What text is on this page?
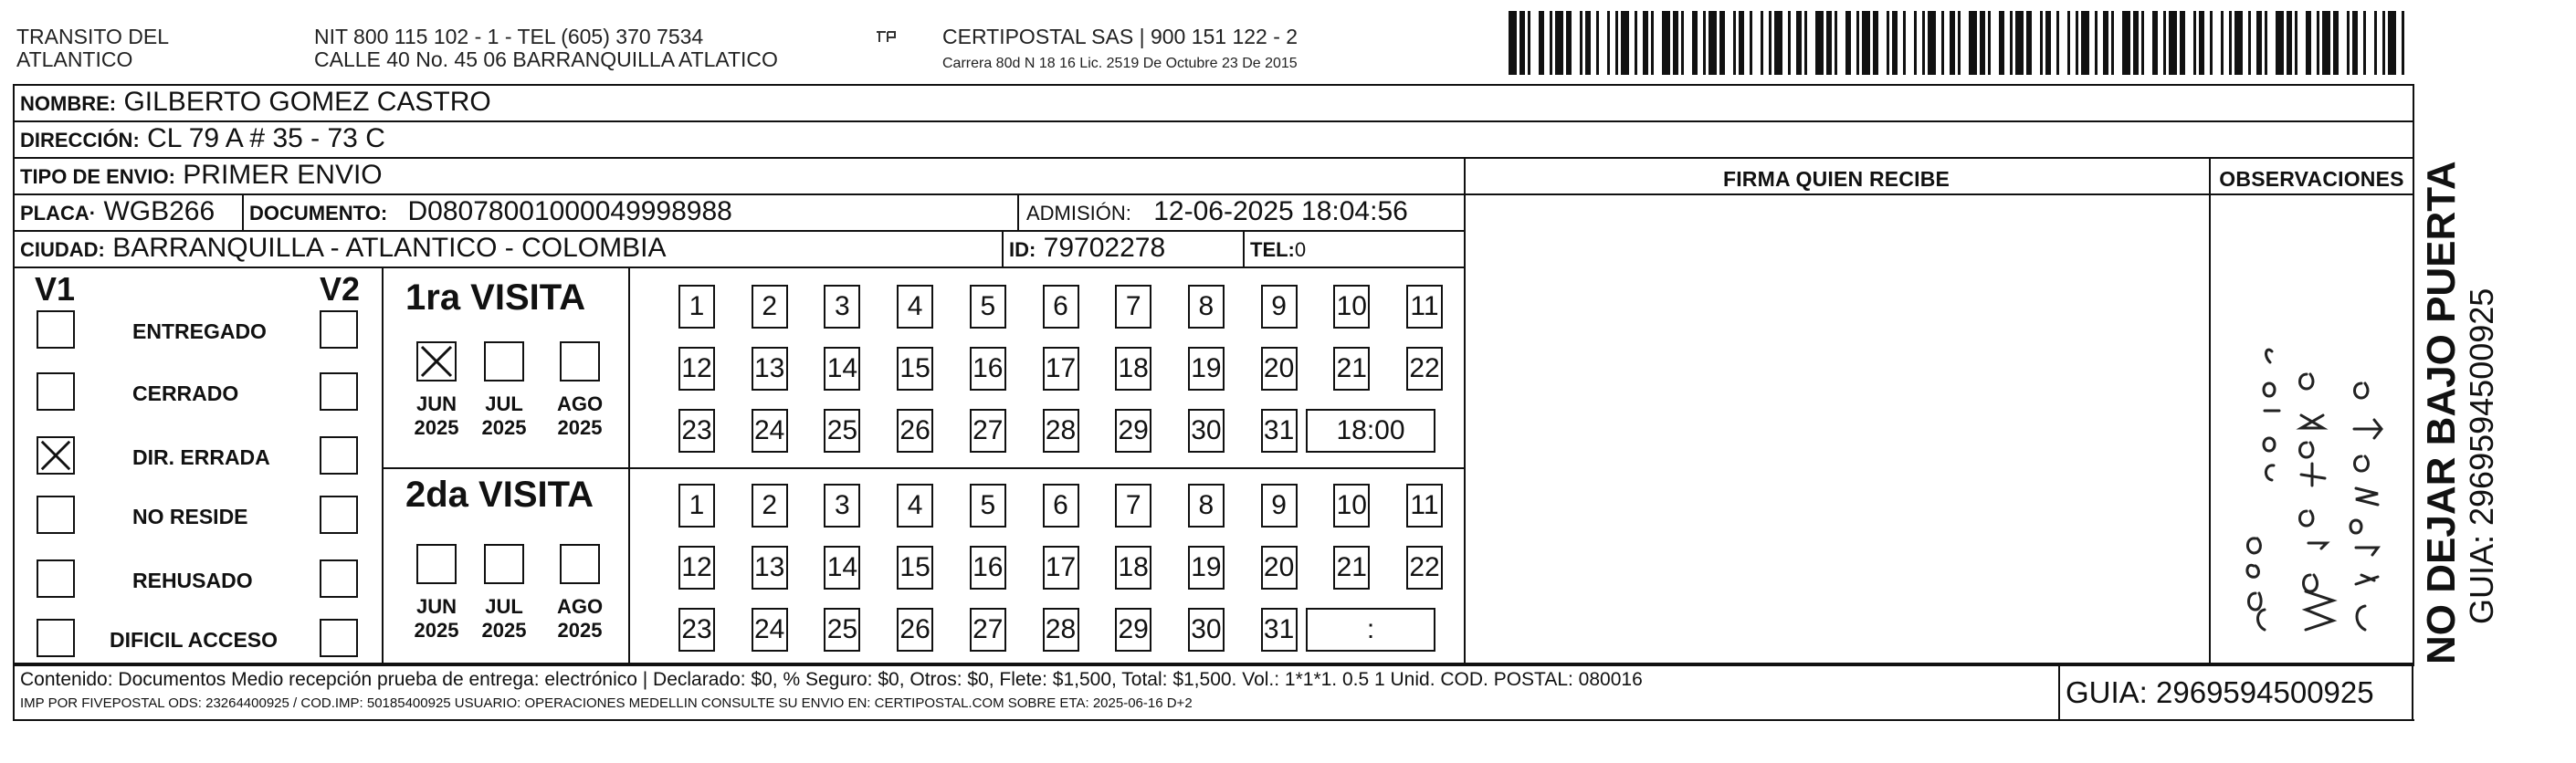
TRANSITO DEL
ATLANTICO
NIT 800 115 102 - 1 - TEL (605) 370 7534
CALLE 40 No. 45 06 BARRANQUILLA ATLATICO
CERTIPOSTAL SAS | 900 151 122 - 2
Carrera 80d N 18 16 Lic. 2519 De Octubre 23 De 2015
NOMBRE: GILBERTO GOMEZ CASTRO
DIRECCIÓN: CL 79 A # 35 - 73 C
TIPO DE ENVIO: PRIMER ENVIO	FIRMA QUIEN RECIBE	OBSERVACIONES
PLACA· WGB266 DOCUMENTO: D08078001000049998988	ADMISIÓN: 12-06-2025 18:04:56
CIUDAD: BARRANQUILLA - ATLANTICO - COLOMBIA	ID: 79702278	TEL:0
V1	V2
ENTREGADO
CERRADO
DIR. ERRADA
NO RESIDE
REHUSADO
DIFICIL ACCESO
1ra VISITA
2da VISITA
JUN
2025
JUL
2025
AGO
2025
JUN
2025
JUL
2025
AGO
2025
1	2	3	4	5	6	7	8	9	10 11
12 13 14 15 16 17 18 19 20 21 22
23 24 25 26 27 28 29 30 31	18:00
1	2	3	4	5	6	7	8	9	10 11
12 13 14 15 16 17 18 19 20 21 22
23 24 25 26 27 28 29 30 31	:	NO DEJAR BAJO PUERTA GUIA: 2969594500925
Contenido: Documentos Medio recepción prueba de entrega: electrónico | Declarado: $0, % Seguro: $0, Otros: $0, Flete: $1,500, Total: $1,500. Vol.: 1*1*1. 0.5 1 Unid. COD. POSTAL: 080016
IMP POR FIVEPOSTAL ODS: 23264400925 / COD.IMP: 50185400925 USUARIO: OPERACIONES MEDELLIN CONSULTE SU ENVIO EN: CERTIPOSTAL.COM SOBRE ETA: 2025-06-16 D+2	GUIA: 2969594500925
